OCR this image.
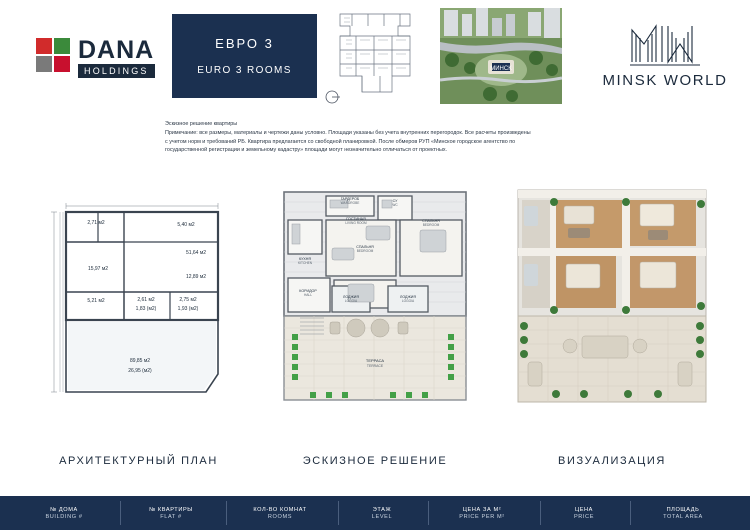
DANA
HOLDINGS
ЕВРО 3
EURO 3 ROOMS	МИНСК
MINSK WORLD
Эскизное решение квартиры
Примечание: все размеры, материалы и чертежи даны условно. Площади указаны без учета внутренних перегородок. Все расчеты произведены
с учетом норм и требований РБ. Квартира предлагается со свободной планировкой. После обмеров РУП «Минское городское агентство по
государственной регистрации и земельному кадастру» площади могут незначительно отличаться от проектных.
2,71 м2	5,40 м2
51,64 м2
15,97 м2
12,89 м2
5,21 м2	2,61 м2	2,75 м2
1,83 (м2)	1,93 (м2)
89,85 м2
26,95 (м2)
ГАРДЕРОБ
WARDROBE	СУ
WC
КУХНЯ
KITCHEN
ГОСТИНАЯ
LIVING ROOM	СПАЛЬНЯ
BEDROOM
СПАЛЬНЯ
BEDROOM
КОРИДОР
HALL	ЛОДЖИЯ
LOGGIA
ЛОДЖИЯ
LOGGIA
ТЕРРАСА
TERRACE
АРХИТЕКТУРНЫЙ ПЛАН	ЭСКИЗНОЕ РЕШЕНИЕ	ВИЗУАЛИЗАЦИЯ
№ ДОМА
BUILDING #
№ КВАРТИРЫ
FLAT #
КОЛ-ВО КОМНАТ
ROOMS
ЭТАЖ
LEVEL
ЦЕНА ЗА М²
PRICE PER M²
ЦЕНА
PRICE
ПЛОЩАДЬ
TOTAL AREA
